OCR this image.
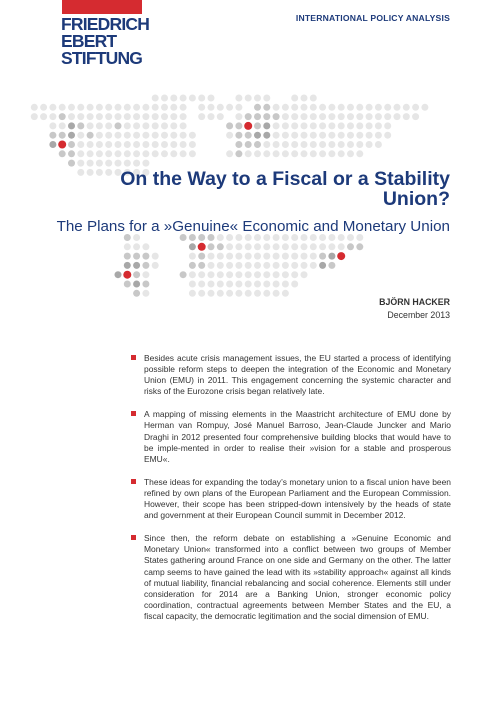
FRIEDRICH
EBERT
STIFTUNG
INTERNATIONAL POLICY ANALYSIS
On the Way to a Fiscal or a Stability Union?
The Plans for a »Genuine« Economic and Monetary Union
BJÖRN HACKER
December 2013
Besides acute crisis management issues, the EU started a process of identifying possible reform steps to deepen the integration of the Economic and Monetary Union (EMU) in 2011. This engagement concerning the systemic character and risks of the Eurozone crisis began relatively late.
A mapping of missing elements in the Maastricht architecture of EMU done by Herman van Rompuy, José Manuel Barroso, Jean-Claude Juncker and Mario Draghi in 2012 presented four comprehensive building blocks that would have to be imple-mented in order to realise their »vision for a stable and prosperous EMU«.
These ideas for expanding the today’s monetary union to a fiscal union have been refined by own plans of the European Parliament and the European Commission. However, their scope has been stripped-down intensively by the heads of state and government at their European Council summit in December 2012.
Since then, the reform debate on establishing a »Genuine Economic and Monetary Union« transformed into a conflict between two groups of Member States gathering around France on one side and Germany on the other. The latter camp seems to have gained the lead with its »stability approach« against all kinds of mutual liability, financial rebalancing and social coherence. Elements still under consideration for 2014 are a Banking Union, stronger economic policy coordination, contractual agreements between Member States and the EU, a fiscal capacity, the democratic legitimation and the social dimension of EMU.
